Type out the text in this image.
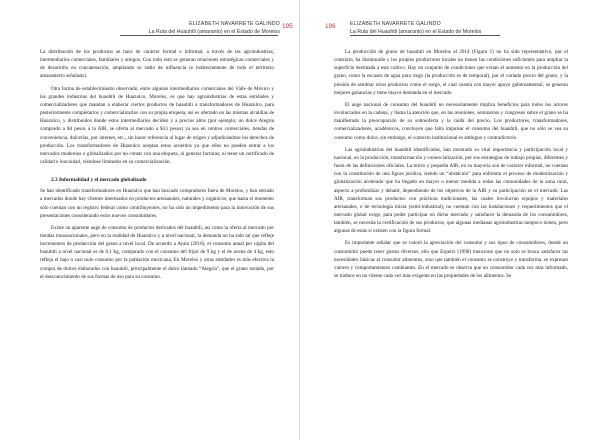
ELIZABETH NAVARRETE GALINDO
La Ruta del Huauhtli (amaranto) en el Estado de Morelos
195

La distribución de los productos se hace de carácter formal e informal, a través de las agroindustrias, intermediarios comerciales, familiares y amigos. Con todo esto se generan relaciones estratégicas comerciales y de desarrollo en concatenación, ampliando su radio de influencia (e indirectamente de todo el territorio amaranterro señalado).

Otra forma de establecimiento observado, entre algunos intermediarios comerciales del Valle de México y las grandes industrias del huauhtli de Huazulco, Morelos, es que hay agroindustrias de estas entidades y comercializadores que mandan a elaborar ciertos productos de huauhtli a transformadores de Huazulco, para posteriormente completarlos y comercializarlos con su propia etiqueta, así es ofertado en las mismas alcaldías de Huazulco, y distribuidos donde estos intermediarios deciden y a precios altos (por ejemplo; un dulce Alegría comprado a $4 pesos a la AIR, se oferta al mercado a $13 pesos) ya sea en centros comerciales, tiendas de conveniencia, dulcerías, por internet, etc., sin hacer referencia al lugar de origen y adjudicándose los derechos de producción. Los transformadores de Huazulco aceptan estos acuerdos ya que ellos no pueden entrar a los mercados modernos o globalizados por no contar con una etiqueta, ni generar facturas; ni tener un certificado de calidad e inocuidad, viéndose limitados en su comercialización.

2.3 Informalidad y el mercado globalizado

Se han identificado transformadores en Huazulco que han buscado compradores fuera de Morelos, y han entrado a mercados donde hay clientes interesados en productos artesanales, naturales y orgánicos; que hasta el momento sólo cuentan con un registro federal como contribuyentes, no ha sido un impedimento para la innovación de sus presentaciones considerando estos nuevos consumidores.

Existe un aparente auge de consumo de productos derivados del huauhtli, así como la oferta al mercado por tiendas transnacionales, pero en la realidad de Huazulco y a nivel nacional, la demanda no ha sido tal que refleje incrementos de producción del grano a nivel local. De acuerdo a Ayala (2016), el consumo anual per cápita del huauhtli a nivel nacional es de 0.1 kg, comparado con el consumo del frijol de 9 kg y el de avena de 4 kg, esto refleja el bajo o casi nulo consumo por la población mexicana. En Morelos y otras entidades es más efectiva la compra de dulces elaborados con huauhtli, principalmente el dulce llamado “Alegría”, que el grano tostado, por el desconocimiento de sus formas de uso para su consumo.

196	ELIZABETH NAVARRETE GALINDO
La Ruta del Huauhtli (amaranto) en el Estado de Morelos

La producción de grano de huauhtli en Morelos al 2014 (Figura 1) no ha sido representativo, por el contrario, ha disminuido y los propios productores locales no tienen las condiciones suficientes para ampliar la superficie destinada a este cultivo. Hay un conjunto de condiciones que evitan el aumento en la producción del grano, como la escasez de agua para riego (la producción es de temporal), por el variado precio del grano, y la presión de sembrar otros productos como el sorgo, el cual cuenta con mayor apoyo gubernamental, se generan mejores ganancias y tiene mayor demanda en el mercado.

El auge nacional de consumo del huauhtli no necesariamente implica beneficios para todos los actores involucrados en la cadena, y llama la atención que, en las reuniones, seminarios y congresos sobre el grano se ha manifestado la preocupación de su sobreoferta y la caída del precio. Los productores, transformadores, comercializadores, académicos, concluyen que falta impulsar el consumo del huauhtli, que no sólo se vea su consumo como dulce, sin embargo, el contexto institucional es ambiguo y contradictorio.

Las agroindustrias del huauhtli identificadas, han mostrado su vital importancia y participación local y nacional, en la producción, transformación y comercialización, por sus estrategias de trabajo propias, diferentes y fuera de las definiciones oficiales. La micro y pequeña AIR, en su mayoría son de carácter informal, no cuentan con la constitución de una figura jurídica, siendo un “obstáculo” para enfrentar el proceso de modernización y globalización acelerado que ha llegado en mayor o menor medida a todas las comunidades de la zona rural, aspecto a profundizar y debatir, dependiendo de los objetivos de la AIR y su participación en el mercado. Las AIR, transforman sus productos con prácticas tradicionales, las cuales involucran equipos y materiales artesanales, o de tecnología mixta (semi-industrial), no cuentan con las instalaciones y requerimientos que el mercado global exige, para poder participar en dicho mercado y satisfacer la demanda de los consumidores, también, se necesita la certificación de sus productos, que algunas medianas agroindustrias tampoco tienen, pero algunas de estas sí existen con la figura formal.

Es importante señalar que se valoró la apreciación del consumo y sus tipos de consumidores, donde un consumidor puede tener gustos diversos, ello que Espeitx (1996) mencionó que no solo se busca satisfacer las necesidades básicas al consumir alimentos, sino que también el consumo se construye y transforma, se expresan valores y comportamientos cambiantes. En el mercado se observa que un consumidor cada vez más informado, se traduce en un cliente cada vez más exigente en las propiedades de los alimentos. Se
